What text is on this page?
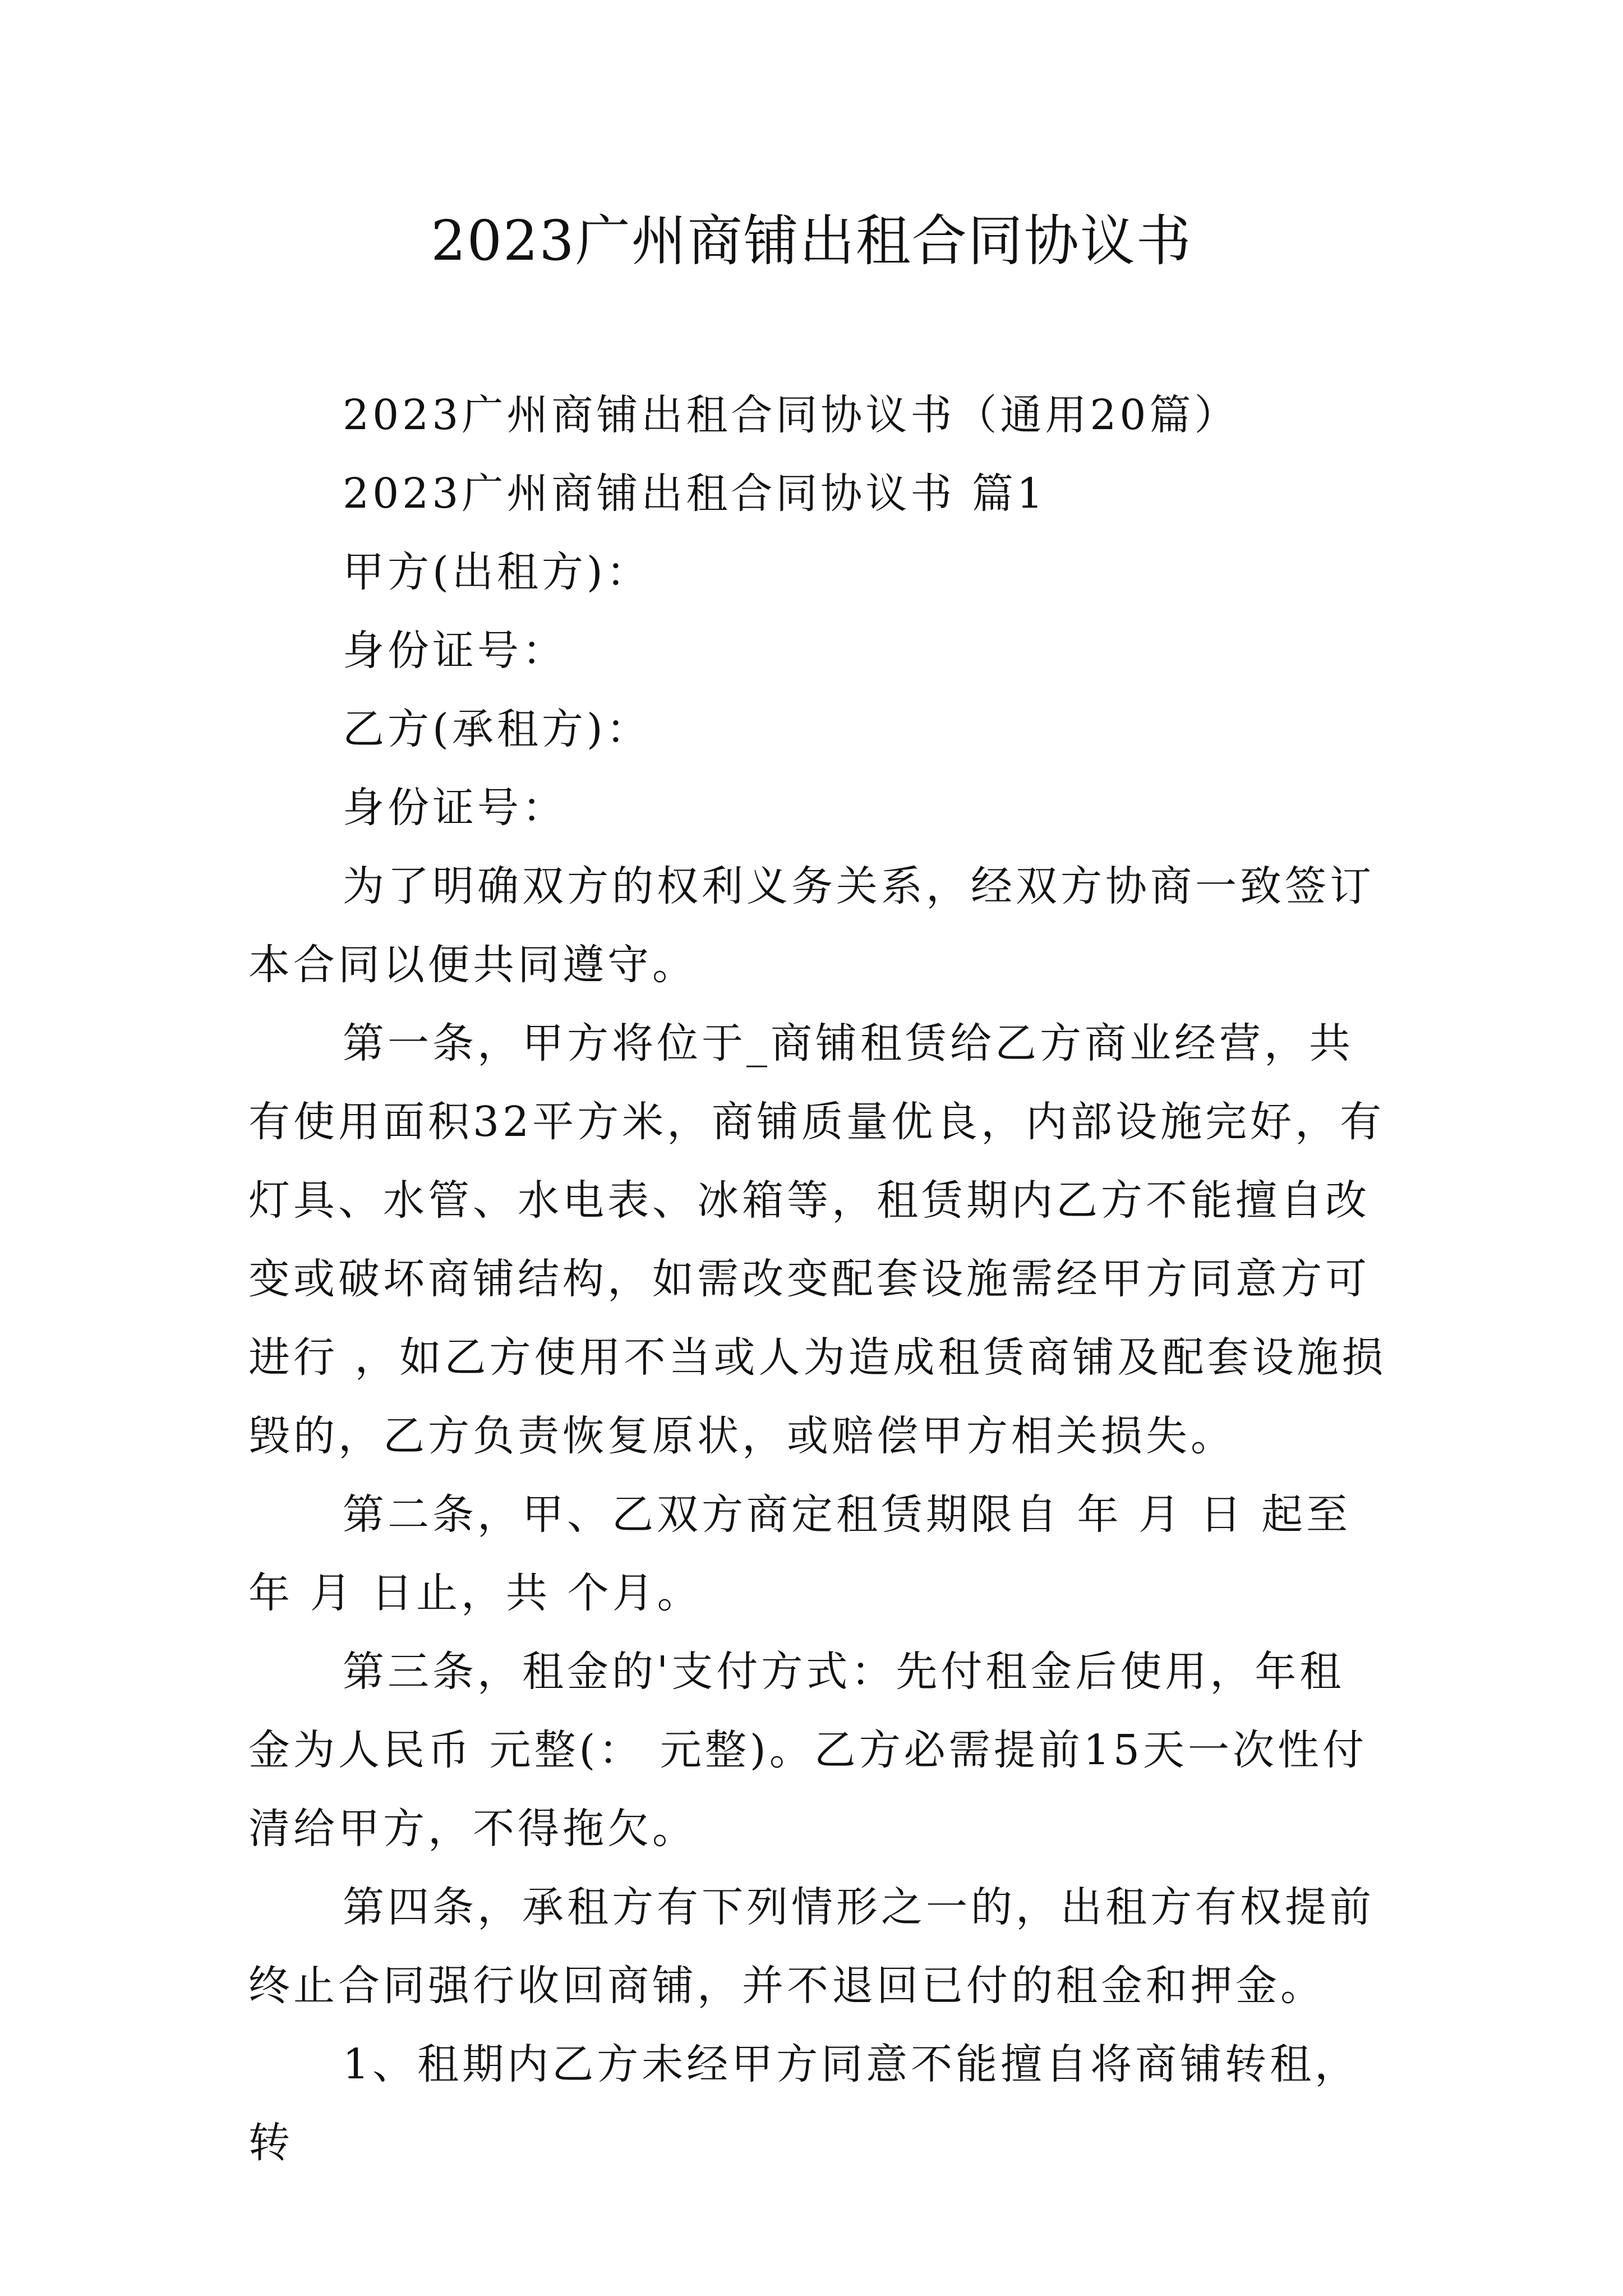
2023广州商铺出租合同协议书

2023广州商铺出租合同协议书（通用20篇）

2023广州商铺出租合同协议书 篇1

甲方(出租方)：

身份证号：

乙方(承租方)：

身份证号：

为了明确双方的权利义务关系，经双方协商一致签订本合同以便共同遵守。

第一条，甲方将位于_商铺租赁给乙方商业经营，共有使用面积32平方米，商铺质量优良，内部设施完好，有灯具、水管、水电表、冰箱等，租赁期内乙方不能擅自改变或破坏商铺结构，如需改变配套设施需经甲方同意方可进行 ，如乙方使用不当或人为造成租赁商铺及配套设施损毁的，乙方负责恢复原状，或赔偿甲方相关损失。

第二条，甲、乙双方商定租赁期限自 年 月 日 起至 年 月 日止，共 个月。

第三条，租金的'支付方式：先付租金后使用，年租金为人民币 元整(： 元整)。乙方必需提前15天一次性付清给甲方，不得拖欠。

第四条，承租方有下列情形之一的，出租方有权提前终止合同强行收回商铺，并不退回已付的租金和押金。

1、租期内乙方未经甲方同意不能擅自将商铺转租，转
